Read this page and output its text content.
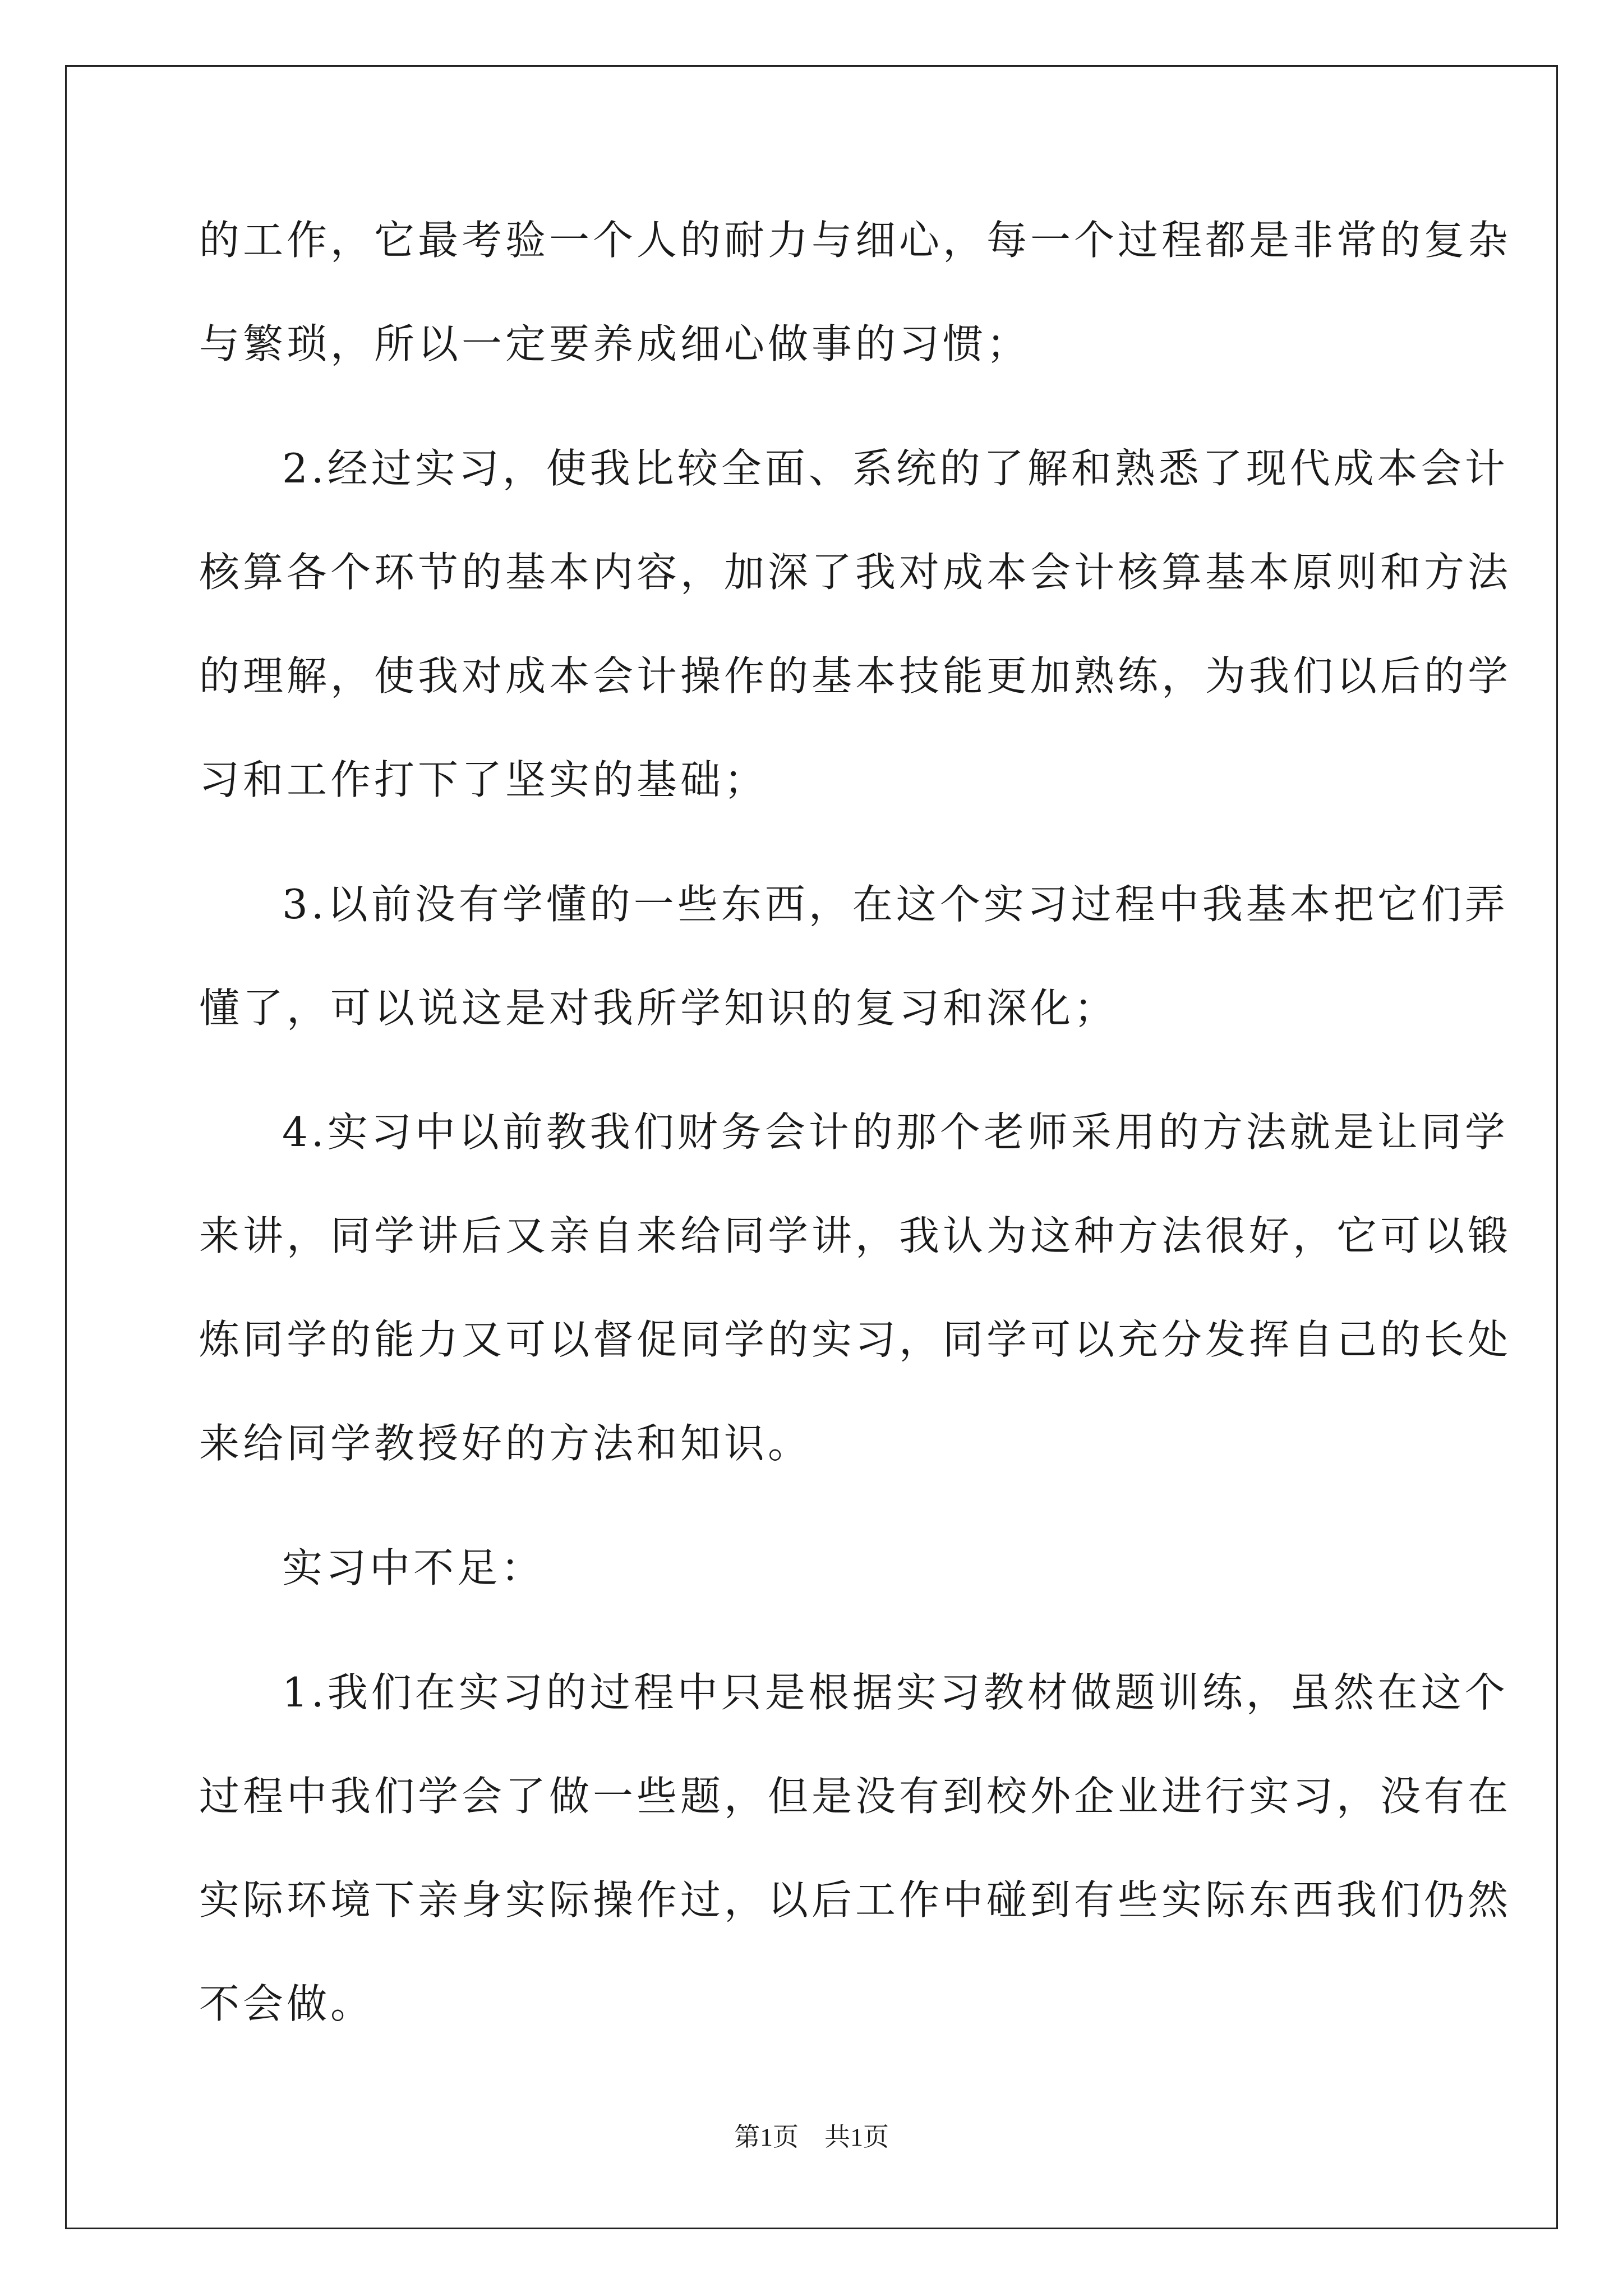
的工作，它最考验一个人的耐力与细心，每一个过程都是非常的复杂
与繁琐，所以一定要养成细心做事的习惯；
2.经过实习，使我比较全面、系统的了解和熟悉了现代成本会计
核算各个环节的基本内容，加深了我对成本会计核算基本原则和方法
的理解，使我对成本会计操作的基本技能更加熟练，为我们以后的学
习和工作打下了坚实的基础；
3.以前没有学懂的一些东西，在这个实习过程中我基本把它们弄
懂了，可以说这是对我所学知识的复习和深化；
4.实习中以前教我们财务会计的那个老师采用的方法就是让同学
来讲，同学讲后又亲自来给同学讲，我认为这种方法很好，它可以锻
炼同学的能力又可以督促同学的实习，同学可以充分发挥自己的长处
来给同学教授好的方法和知识。
实习中不足：
1.我们在实习的过程中只是根据实习教材做题训练，虽然在这个
过程中我们学会了做一些题，但是没有到校外企业进行实习，没有在
实际环境下亲身实际操作过，以后工作中碰到有些实际东西我们仍然
不会做。
第1页　共1页
